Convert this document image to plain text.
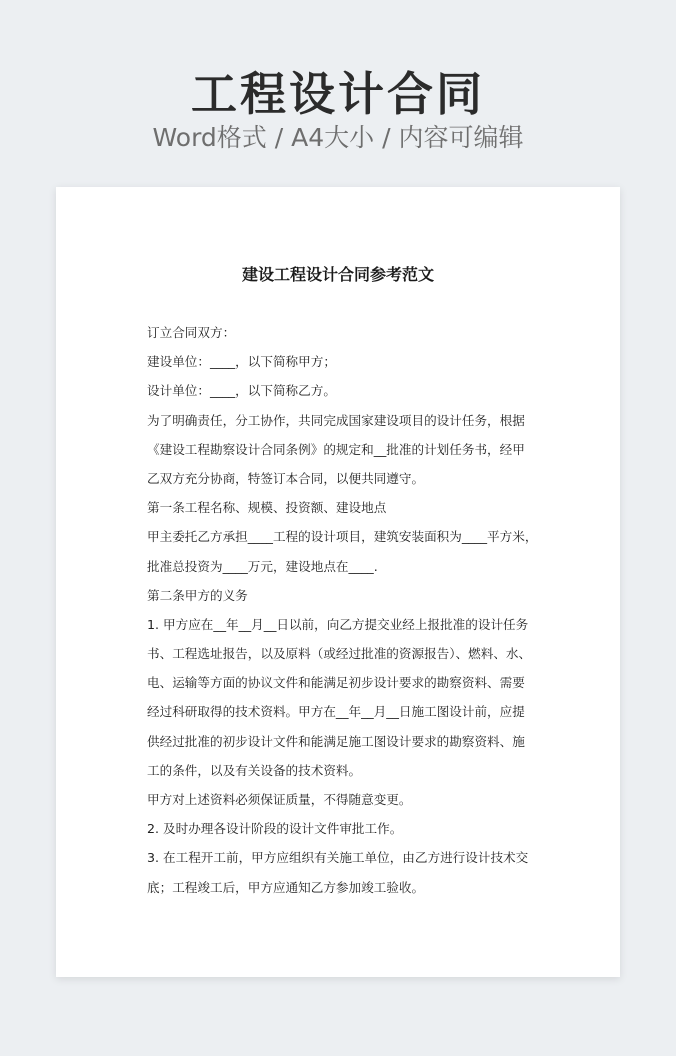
工程设计合同
Word格式 / A4大小 / 内容可编辑
建设工程设计合同参考范文
订立合同双方：
建设单位：____，以下简称甲方；
设计单位：____，以下简称乙方。
为了明确责任，分工协作，共同完成国家建设项目的设计任务，根据
《建设工程勘察设计合同条例》的规定和__批准的计划任务书，经甲
乙双方充分协商，特签订本合同，以便共同遵守。
第一条工程名称、规模、投资额、建设地点
甲主委托乙方承担____工程的设计项目，建筑安装面积为____平方米，
批准总投资为____万元，建设地点在____.
第二条甲方的义务
1. 甲方应在__年__月__日以前，向乙方提交业经上报批准的设计任务
书、工程选址报告，以及原料（或经过批准的资源报告）、燃料、水、
电、运输等方面的协议文件和能满足初步设计要求的勘察资料、需要
经过科研取得的技术资料。甲方在__年__月__日施工图设计前，应提
供经过批准的初步设计文件和能满足施工图设计要求的勘察资料、施
工的条件，以及有关设备的技术资料。
甲方对上述资料必须保证质量，不得随意变更。
2. 及时办理各设计阶段的设计文件审批工作。
3. 在工程开工前，甲方应组织有关施工单位，由乙方进行设计技术交
底；工程竣工后，甲方应通知乙方参加竣工验收。
